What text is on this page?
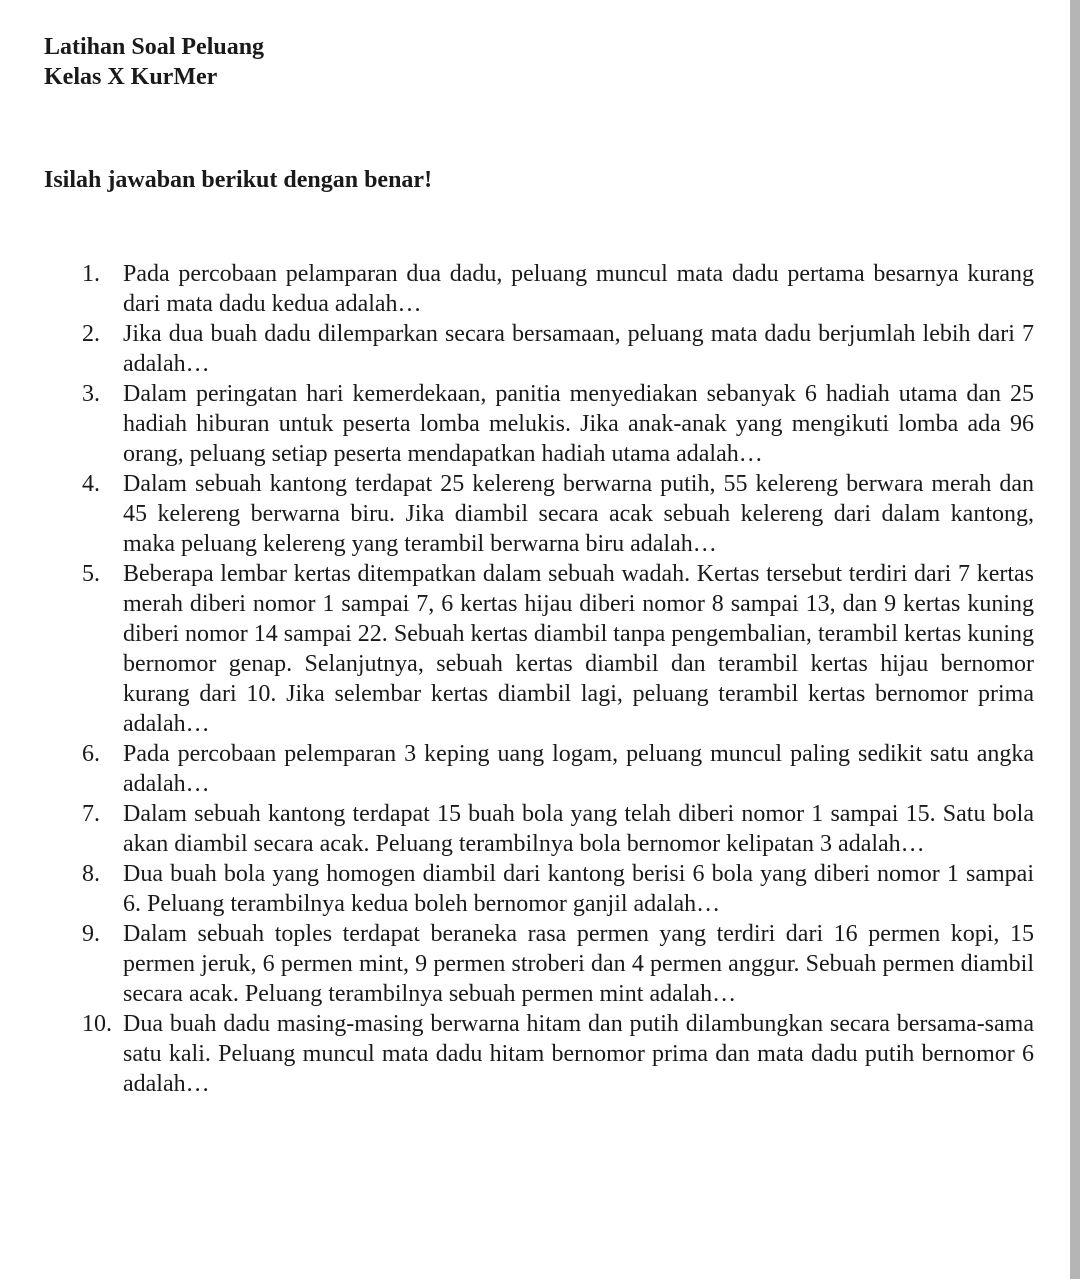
Latihan Soal Peluang
Kelas X KurMer
Isilah jawaban berikut dengan benar!
1. Pada percobaan pelamparan dua dadu, peluang muncul mata dadu pertama besarnya kurang dari mata dadu kedua adalah…
2. Jika dua buah dadu dilemparkan secara bersamaan, peluang mata dadu berjumlah lebih dari 7 adalah…
3. Dalam peringatan hari kemerdekaan, panitia menyediakan sebanyak 6 hadiah utama dan 25 hadiah hiburan untuk peserta lomba melukis. Jika anak-anak yang mengikuti lomba ada 96 orang, peluang setiap peserta mendapatkan hadiah utama adalah…
4. Dalam sebuah kantong terdapat 25 kelereng berwarna putih, 55 kelereng berwara merah dan 45 kelereng berwarna biru. Jika diambil secara acak sebuah kelereng dari dalam kantong, maka peluang kelereng yang terambil berwarna biru adalah…
5. Beberapa lembar kertas ditempatkan dalam sebuah wadah. Kertas tersebut terdiri dari 7 kertas merah diberi nomor 1 sampai 7, 6 kertas hijau diberi nomor 8 sampai 13, dan 9 kertas kuning diberi nomor 14 sampai 22. Sebuah kertas diambil tanpa pengembalian, terambil kertas kuning bernomor genap. Selanjutnya, sebuah kertas diambil dan terambil kertas hijau bernomor kurang dari 10. Jika selembar kertas diambil lagi, peluang terambil kertas bernomor prima adalah…
6. Pada percobaan pelemparan 3 keping uang logam, peluang muncul paling sedikit satu angka adalah…
7. Dalam sebuah kantong terdapat 15 buah bola yang telah diberi nomor 1 sampai 15. Satu bola akan diambil secara acak. Peluang terambilnya bola bernomor kelipatan 3 adalah…
8. Dua buah bola yang homogen diambil dari kantong berisi 6 bola yang diberi nomor 1 sampai 6. Peluang terambilnya kedua boleh bernomor ganjil adalah…
9. Dalam sebuah toples terdapat beraneka rasa permen yang terdiri dari 16 permen kopi, 15 permen jeruk, 6 permen mint, 9 permen stroberi dan 4 permen anggur. Sebuah permen diambil secara acak. Peluang terambilnya sebuah permen mint adalah…
10. Dua buah dadu masing-masing berwarna hitam dan putih dilambungkan secara bersama-sama satu kali. Peluang muncul mata dadu hitam bernomor prima dan mata dadu putih bernomor 6 adalah…
